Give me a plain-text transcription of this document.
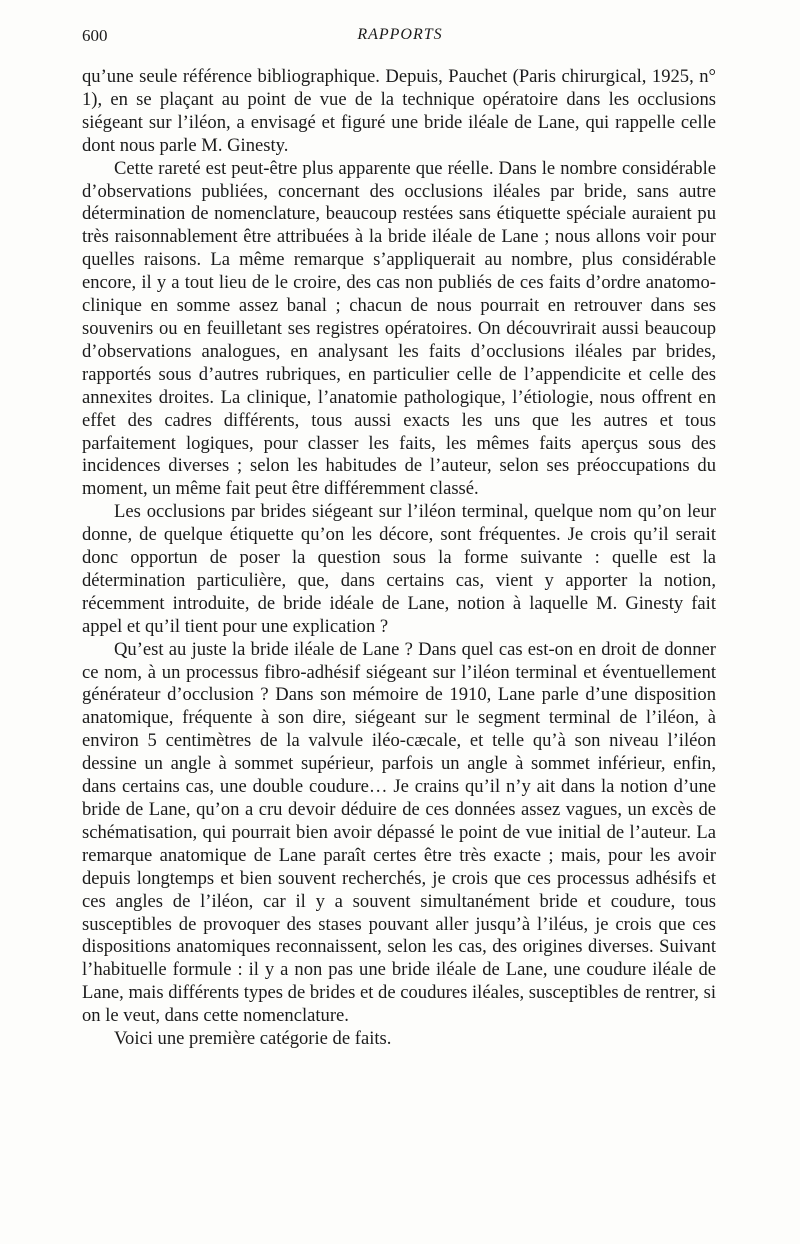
600	RAPPORTS

qu’une seule référence bibliographique. Depuis, Pauchet (Paris chirurgical, 1925, n° 1), en se plaçant au point de vue de la technique opératoire dans les occlusions siégeant sur l’iléon, a envisagé et figuré une bride iléale de Lane, qui rappelle celle dont nous parle M. Ginesty.

Cette rareté est peut-être plus apparente que réelle. Dans le nombre considérable d’observations publiées, concernant des occlusions iléales par bride, sans autre détermination de nomenclature, beaucoup restées sans étiquette spéciale auraient pu très raisonnablement être attribuées à la bride iléale de Lane ; nous allons voir pour quelles raisons. La même remarque s’appliquerait au nombre, plus considérable encore, il y a tout lieu de le croire, des cas non publiés de ces faits d’ordre anatomo-clinique en somme assez banal ; chacun de nous pourrait en retrouver dans ses souvenirs ou en feuilletant ses registres opératoires. On découvrirait aussi beaucoup d’observations analogues, en analysant les faits d’occlusions iléales par brides, rapportés sous d’autres rubriques, en particulier celle de l’appendicite et celle des annexites droites. La clinique, l’anatomie pathologique, l’étiologie, nous offrent en effet des cadres différents, tous aussi exacts les uns que les autres et tous parfaitement logiques, pour classer les faits, les mêmes faits aperçus sous des incidences diverses ; selon les habitudes de l’auteur, selon ses préoccupations du moment, un même fait peut être différemment classé.

Les occlusions par brides siégeant sur l’iléon terminal, quelque nom qu’on leur donne, de quelque étiquette qu’on les décore, sont fréquentes. Je crois qu’il serait donc opportun de poser la question sous la forme suivante : quelle est la détermination particulière, que, dans certains cas, vient y apporter la notion, récemment introduite, de bride idéale de Lane, notion à laquelle M. Ginesty fait appel et qu’il tient pour une explication ?

Qu’est au juste la bride iléale de Lane ? Dans quel cas est-on en droit de donner ce nom, à un processus fibro-adhésif siégeant sur l’iléon terminal et éventuellement générateur d’occlusion ? Dans son mémoire de 1910, Lane parle d’une disposition anatomique, fréquente à son dire, siégeant sur le segment terminal de l’iléon, à environ 5 centimètres de la valvule iléo-cæcale, et telle qu’à son niveau l’iléon dessine un angle à sommet supérieur, parfois un angle à sommet inférieur, enfin, dans certains cas, une double coudure… Je crains qu’il n’y ait dans la notion d’une bride de Lane, qu’on a cru devoir déduire de ces données assez vagues, un excès de schématisation, qui pourrait bien avoir dépassé le point de vue initial de l’auteur. La remarque anatomique de Lane paraît certes être très exacte ; mais, pour les avoir depuis longtemps et bien souvent recherchés, je crois que ces processus adhésifs et ces angles de l’iléon, car il y a souvent simultanément bride et coudure, tous susceptibles de provoquer des stases pouvant aller jusqu’à l’iléus, je crois que ces dispositions anatomiques reconnaissent, selon les cas, des origines diverses. Suivant l’habituelle formule : il y a non pas une bride iléale de Lane, une coudure iléale de Lane, mais différents types de brides et de coudures iléales, susceptibles de rentrer, si on le veut, dans cette nomenclature.

Voici une première catégorie de faits.
